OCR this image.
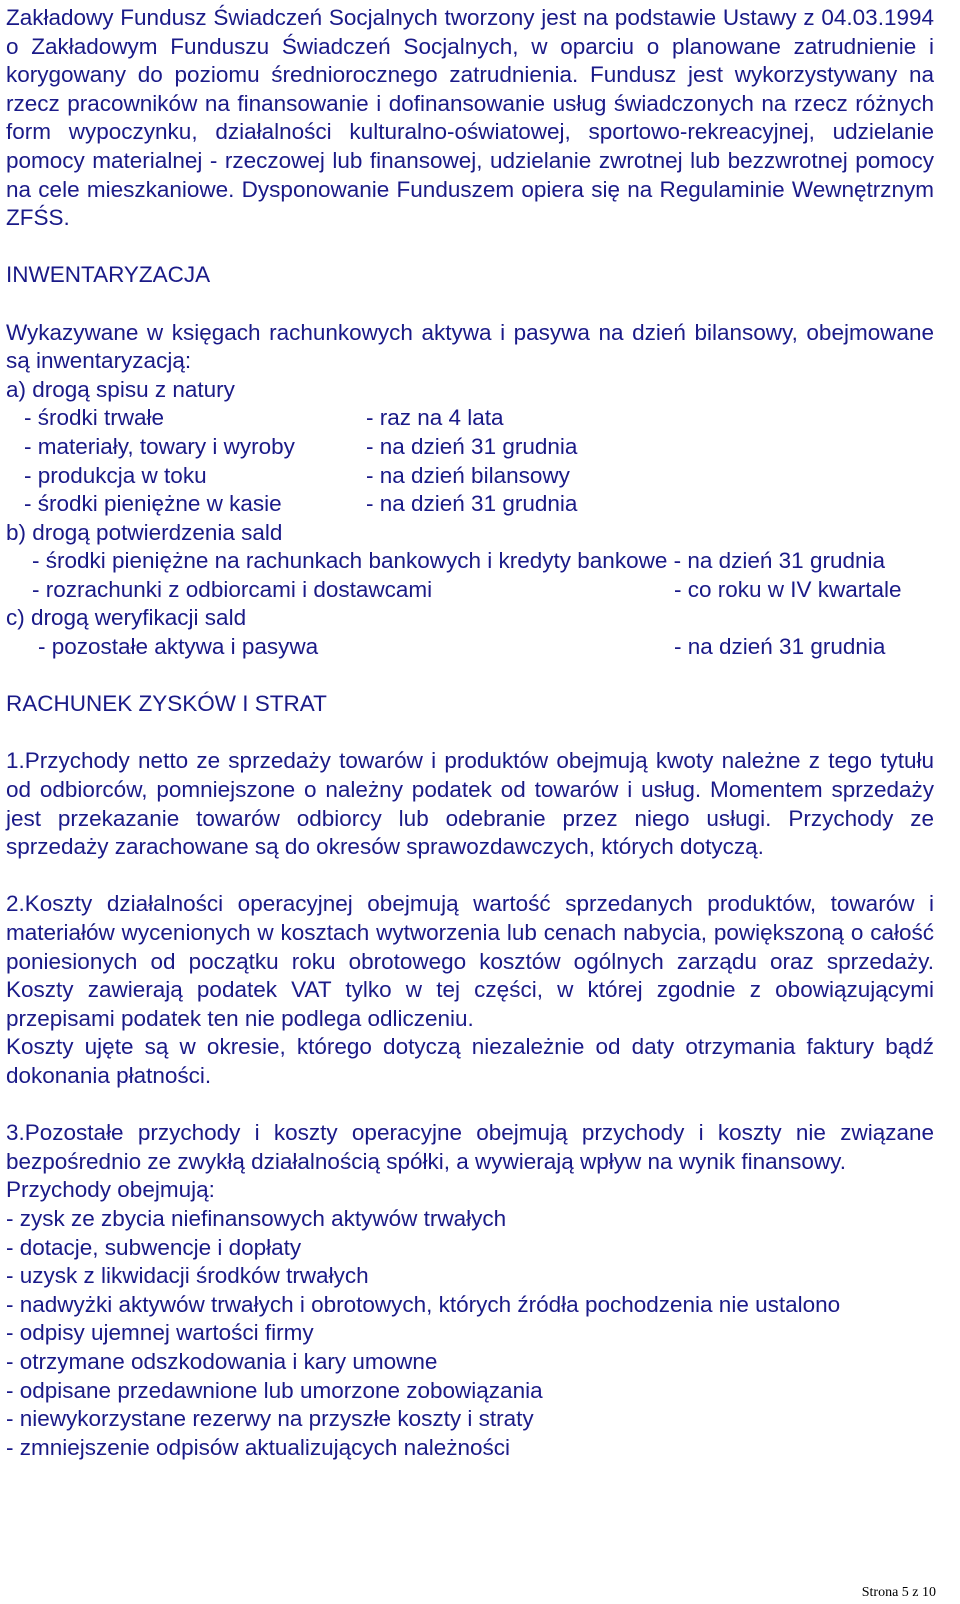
Zakładowy Fundusz Świadczeń Socjalnych tworzony jest na podstawie Ustawy z 04.03.1994 o Zakładowym Funduszu Świadczeń Socjalnych, w oparciu o planowane zatrudnienie i korygowany do poziomu średniorocznego zatrudnienia. Fundusz jest wykorzystywany na rzecz pracowników na finansowanie i dofinansowanie usług świadczonych na rzecz różnych form wypoczynku, działalności kulturalno-oświatowej, sportowo-rekreacyjnej, udzielanie pomocy materialnej - rzeczowej lub finansowej, udzielanie zwrotnej lub bezzwrotnej pomocy na cele mieszkaniowe. Dysponowanie Funduszem opiera się na Regulaminie Wewnętrznym ZFŚS.

INWENTARYZACJA

Wykazywane w księgach rachunkowych aktywa i pasywa na dzień bilansowy, obejmowane są inwentaryzacją:

a) drogą spisu z natury

- środki trwałe	- raz na 4 lata
- materiały, towary i wyroby	- na dzień 31 grudnia
- produkcja w toku	- na dzień bilansowy
- środki pieniężne w kasie	- na dzień 31 grudnia

b) drogą potwierdzenia sald

- środki pieniężne na rachunkach bankowych i kredyty bankowe - na dzień 31 grudnia

- rozrachunki z odbiorcami i dostawcami	- co roku w IV kwartale

c) drogą weryfikacji sald

- pozostałe aktywa i pasywa	- na dzień 31 grudnia

RACHUNEK ZYSKÓW I STRAT

1.Przychody netto ze sprzedaży towarów i produktów obejmują kwoty należne z tego tytułu od odbiorców, pomniejszone o należny podatek od towarów i usług. Momentem sprzedaży jest przekazanie towarów odbiorcy lub odebranie przez niego usługi. Przychody ze sprzedaży zarachowane są do okresów sprawozdawczych, których dotyczą.

2.Koszty działalności operacyjnej obejmują wartość sprzedanych produktów, towarów i materiałów wycenionych w kosztach wytworzenia lub cenach nabycia, powiększoną o całość poniesionych od początku roku obrotowego kosztów ogólnych zarządu oraz sprzedaży. Koszty zawierają podatek VAT tylko w tej części, w której zgodnie z obowiązującymi przepisami podatek ten nie podlega odliczeniu.

Koszty ujęte są w okresie, którego dotyczą niezależnie od daty otrzymania faktury bądź dokonania płatności.

3.Pozostałe przychody i koszty operacyjne obejmują przychody i koszty nie związane bezpośrednio ze zwykłą działalnością spółki, a wywierają wpływ na wynik finansowy.

Przychody obejmują:

- zysk ze zbycia niefinansowych aktywów trwałych

- dotacje, subwencje i dopłaty

- uzysk z likwidacji środków trwałych

- nadwyżki aktywów trwałych i obrotowych, których źródła pochodzenia nie ustalono

- odpisy ujemnej wartości firmy

- otrzymane odszkodowania i kary umowne

- odpisane przedawnione lub umorzone zobowiązania

- niewykorzystane rezerwy na przyszłe koszty i straty

- zmniejszenie odpisów aktualizujących należności

Strona 5 z 10
